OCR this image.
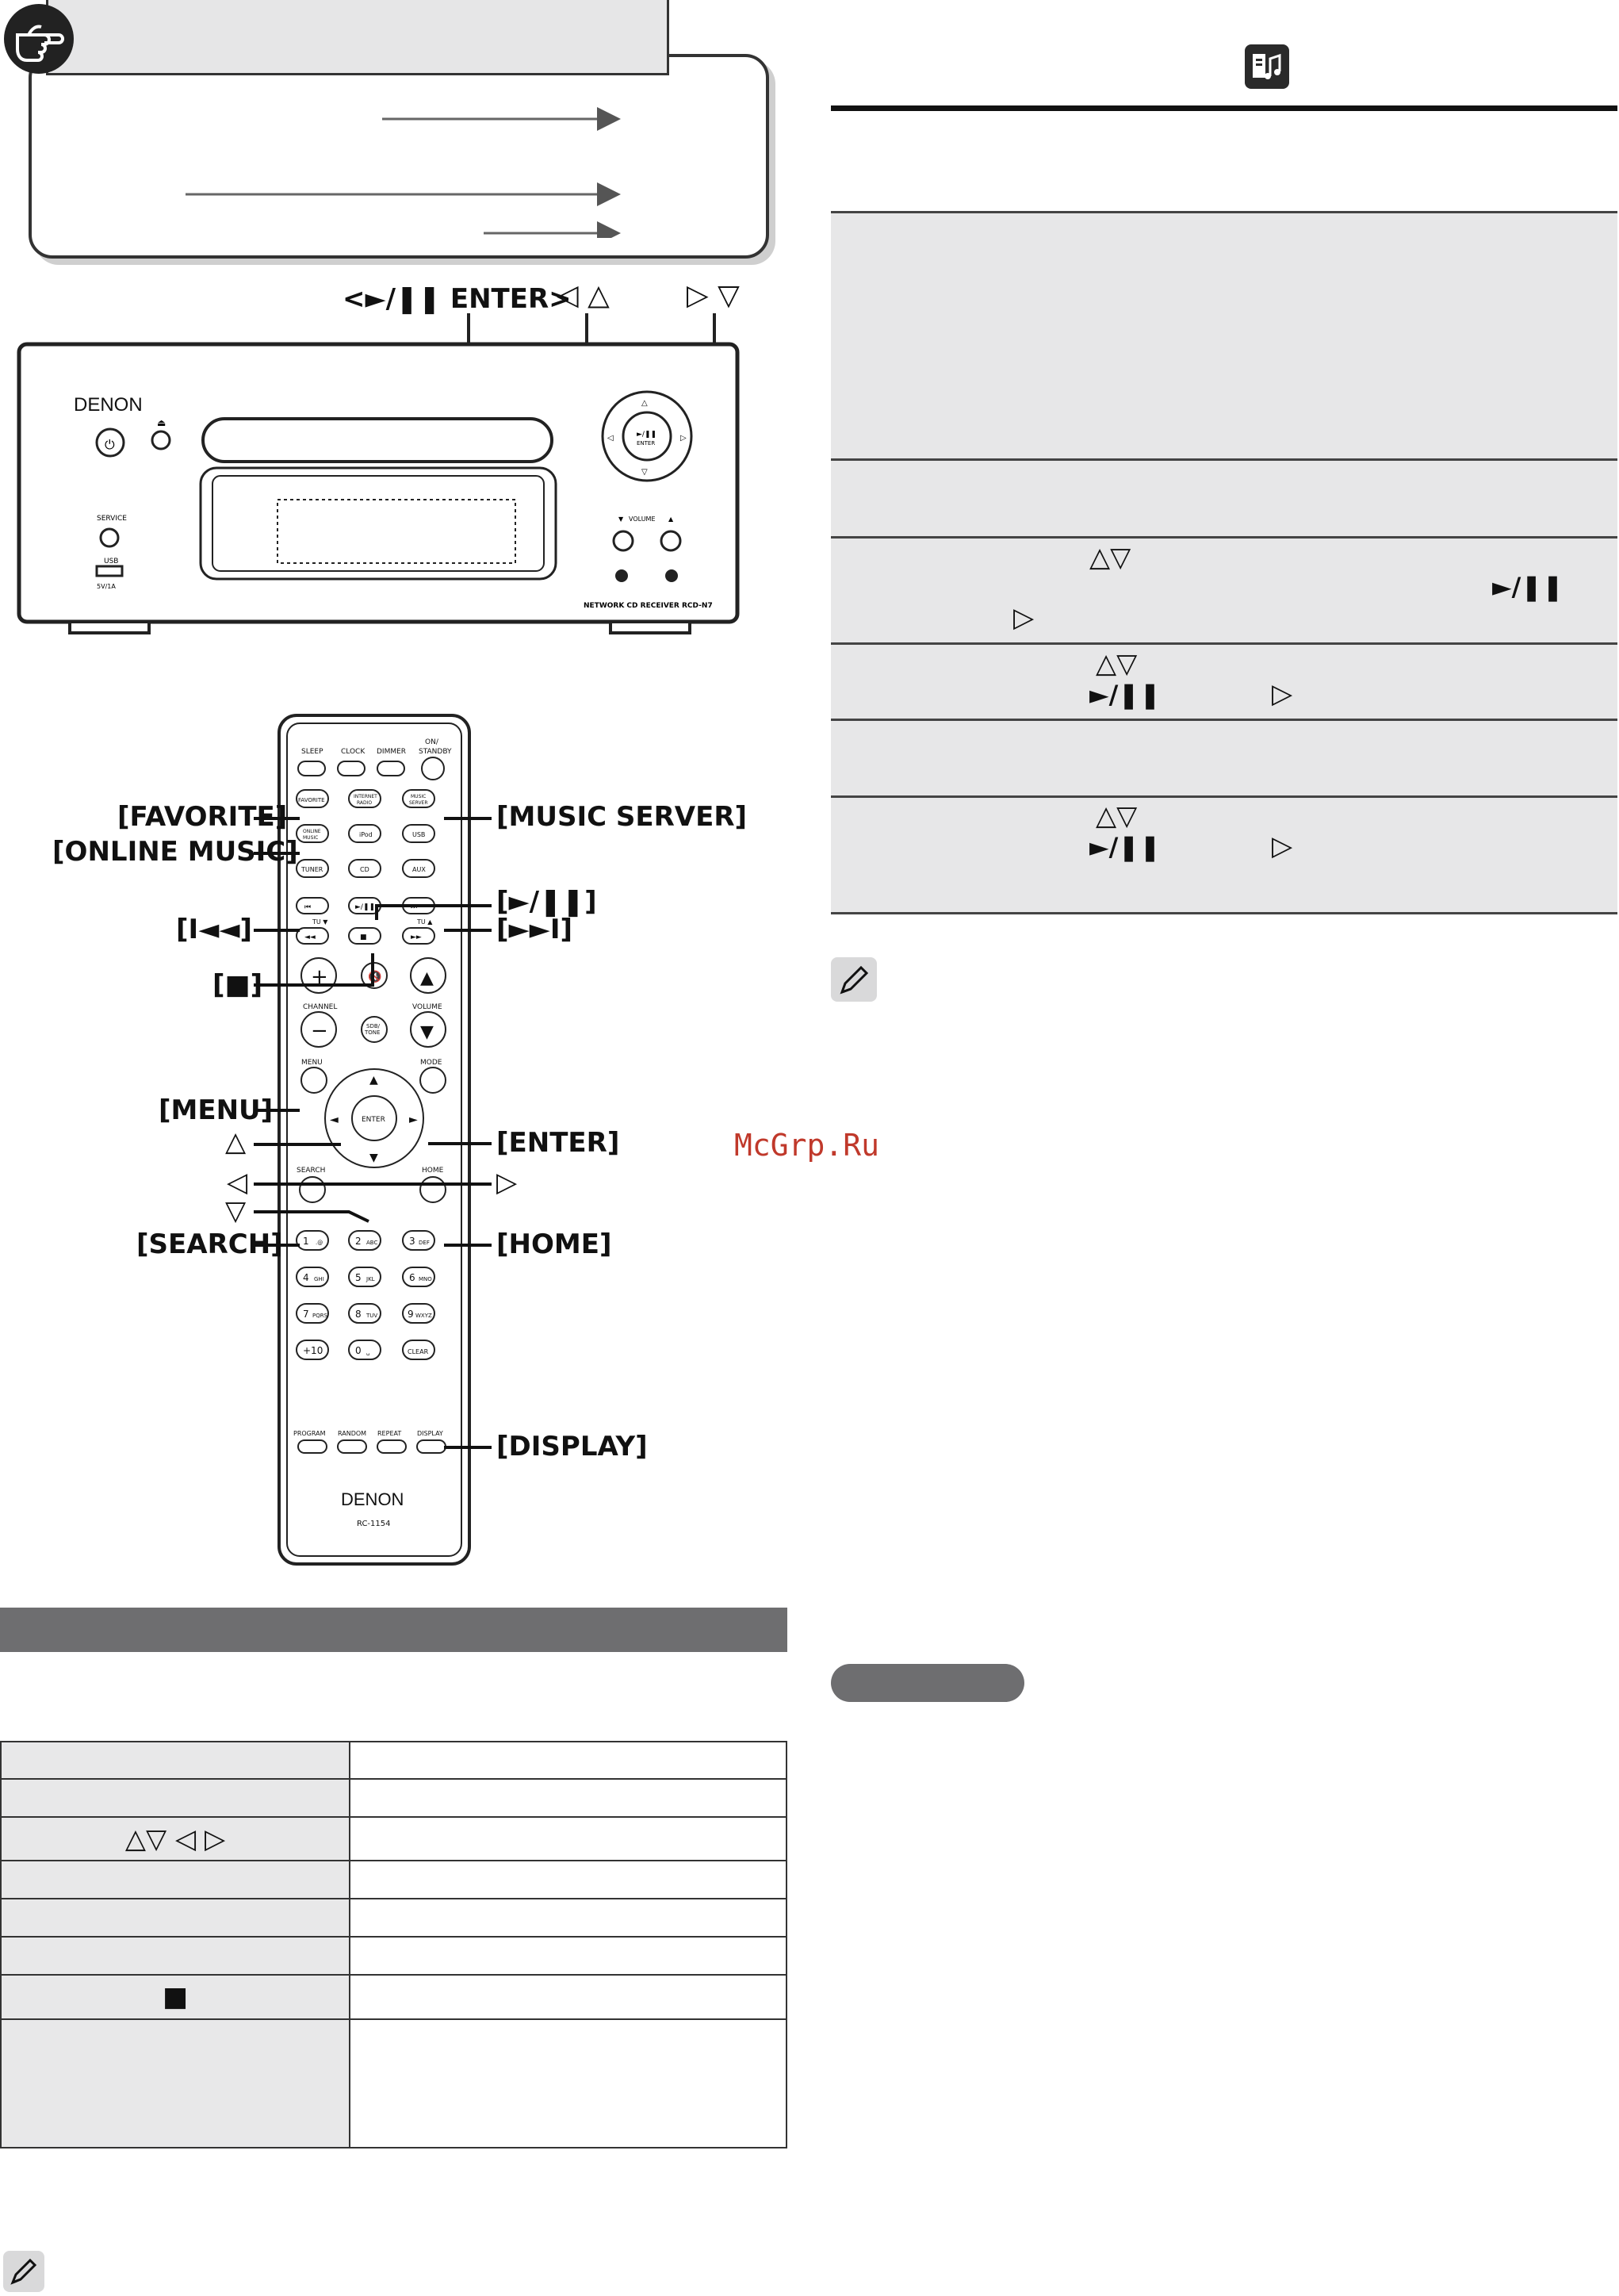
<►/❚❚ ENTER>
◁ △	▷ ▽
DENON
⏻
⏏
SERVICE
USB
5V/1A
►/❚❚
ENTER
△
▽
◁	▷
VOLUME
▼	▲
NETWORK CD RECEIVER RCD-N7
SLEEP CLOCK DIMMER
ON/
STANDBY
FAVORITE
INTERNET
RADIO
MUSIC
SERVER
ONLINE
MUSIC	iPod	USB
TUNER	CD	AUX
⏮	►/❚❚	⏭
TU ▼	TU ▲
◄◄	■	►►
+	🔇 ▲
CHANNEL	VOLUME
−	SDB/
TONE ▼
MENU	MODE
ENTER
▲
▼
◄	►
SEARCH	HOME
1 .@	2 ABC	3 DEF
4 GHI	5 JKL	6 MNO
7 PQRS	8 TUV	9 WXYZ
+10	0 ␣	CLEAR
PROGRAM RANDOM REPEAT DISPLAY
DENON
RC-1154
[FAVORITE]
[ONLINE MUSIC]
[MUSIC SERVER]
[►/❚❚]
[I◄◄]	[►►I]
[■]
[MENU]
△	[ENTER]
◁	▷
▽
[SEARCH]	[HOME]
[DISPLAY]

△▽ ◁ ▷	

■	

△▽
►/❚❚
▷
△▽
►/❚❚	▷
△▽
►/❚❚	▷
McGrp.Ru
